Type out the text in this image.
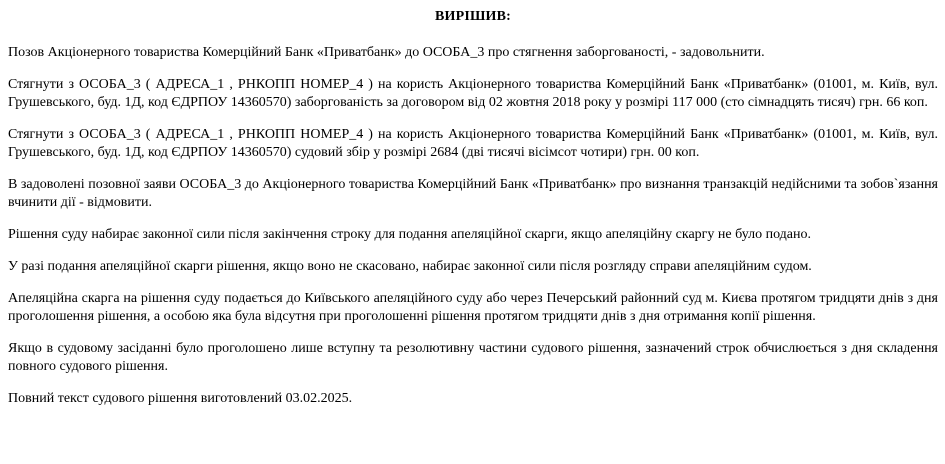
ВИРІШИВ:

Позов Акціонерного товариства Комерційний Банк «Приватбанк» до ОСОБА_3 про стягнення заборгованості, - задовольнити.

Стягнути з ОСОБА_3 ( АДРЕСА_1 , РНКОПП НОМЕР_4 ) на користь Акціонерного товариства Комерційний Банк «Приватбанк» (01001, м. Київ, вул. Грушевського, буд. 1Д, код ЄДРПОУ 14360570) заборгованість за договором від 02 жовтня 2018 року у розмірі 117 000 (сто сімнадцять тисяч) грн. 66 коп.

Стягнути з ОСОБА_3 ( АДРЕСА_1 , РНКОПП НОМЕР_4 ) на користь Акціонерного товариства Комерційний Банк «Приватбанк» (01001, м. Київ, вул. Грушевського, буд. 1Д, код ЄДРПОУ 14360570) судовий збір у розмірі 2684 (дві тисячі вісімсот чотири) грн. 00 коп.

В задоволені позовної заяви ОСОБА_3 до Акціонерного товариства Комерційний Банк «Приватбанк» про визнання транзакцій недійсними та зобов`язання вчинити дії - відмовити.

Рішення суду набирає законної сили після закінчення строку для подання апеляційної скарги, якщо апеляційну скаргу не було подано.

У разі подання апеляційної скарги рішення, якщо воно не скасовано, набирає законної сили після розгляду справи апеляційним судом.

Апеляційна скарга на рішення суду подається до Київського апеляційного суду або через Печерський районний суд м. Києва протягом тридцяти днів з дня проголошення рішення, а особою яка була відсутня при проголошенні рішення протягом тридцяти днів з дня отримання копії рішення.

Якщо в судовому засіданні було проголошено лише вступну та резолютивну частини судового рішення, зазначений строк обчислюється з дня складення повного судового рішення.

Повний текст судового рішення виготовлений 03.02.2025.
